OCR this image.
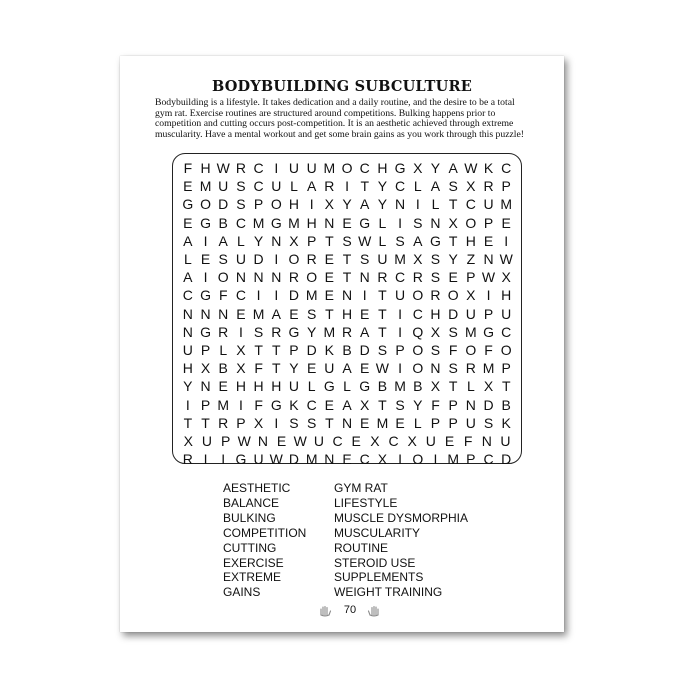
BODYBUILDING SUBCULTURE

Bodybuilding is a lifestyle. It takes dedication and a daily routine, and the desire to be a total gym rat. Exercise routines are structured around competitions. Bulking happens prior to competition and cutting occurs post-competition. It is an aesthetic achieved through extreme muscularity. Have a mental workout and get some brain gains as you work through this puzzle!

F H W R C I U U M O C H G X Y A W K C
E M U S C U L A R I T Y C L A S X R P
G O D S P O H I X Y A Y N I L T C U M
E G B C M G M H N E G L I S N X O P E
A I A L Y N X P T S W L S A G T H E I
L E S U D I O R E T S U M X S Y Z N W
A I O N N N R O E T N R C R S E P W X
C G F C I I D M E N I T U O R O X I H
N N N E M A E S T H E T I C H D U P U
N G R I S R G Y M R A T I Q X S M G C
U P L X T T P D K B D S P O S F O F O
H X B X F T Y E U A E W I O N S R M P
Y N E H H H U L G L G B M B X T L X T
I P M I F G K C E A X T S Y F P N D B
T T R P X I S S T N E M E L P P U S K
X U P W N E W U C E X C X U E F N U
R I I G U W D M N E C X I O I M P C D
AESTHETIC
BALANCE
BULKING
COMPETITION
CUTTING
EXERCISE
EXTREME
GAINS
GYM RAT
LIFESTYLE
MUSCLE DYSMORPHIA
MUSCULARITY
ROUTINE
STEROID USE
SUPPLEMENTS
WEIGHT TRAINING
70
